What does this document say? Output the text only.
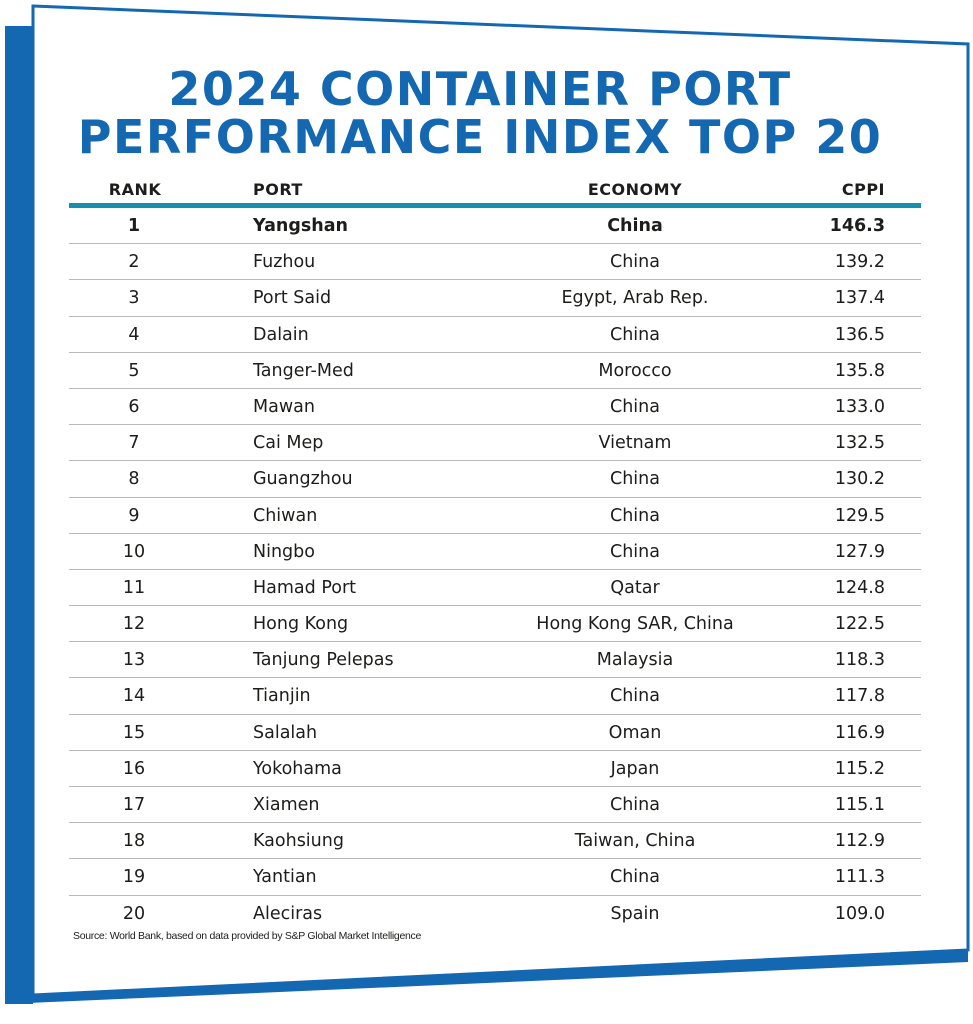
2024 CONTAINER PORT
PERFORMANCE INDEX TOP 20
RANK	PORT	ECONOMY	CPPI
1	Yangshan	China	146.3
2	Fuzhou	China	139.2
3	Port Said	Egypt, Arab Rep.	137.4
4	Dalain	China	136.5
5	Tanger-Med	Morocco	135.8
6	Mawan	China	133.0
7	Cai Mep	Vietnam	132.5
8	Guangzhou	China	130.2
9	Chiwan	China	129.5
10	Ningbo	China	127.9
11	Hamad Port	Qatar	124.8
12	Hong Kong	Hong Kong SAR, China	122.5
13	Tanjung Pelepas	Malaysia	118.3
14	Tianjin	China	117.8
15	Salalah	Oman	116.9
16	Yokohama	Japan	115.2
17	Xiamen	China	115.1
18	Kaohsiung	Taiwan, China	112.9
19	Yantian	China	111.3
20	Aleciras	Spain	109.0
Source: World Bank, based on data provided by S&P Global Market Intelligence
